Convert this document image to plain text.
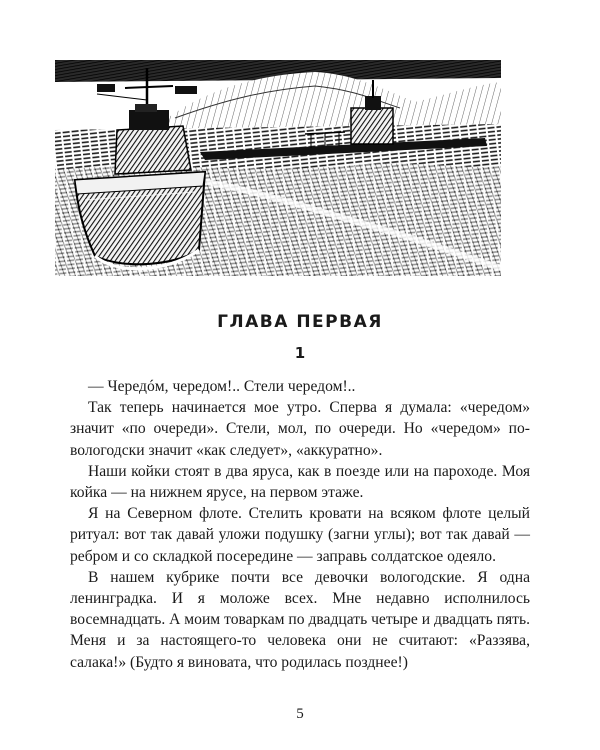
ГЛАВА ПЕРВАЯ
1

— Чередóм, чередом!.. Стели чередом!..

Так теперь начинается мое утро. Сперва я думала: «чередом» значит «по очереди». Стели, мол, по очереди. Но «чередом» по-вологодски значит «как следует», «аккуратно».

Наши койки стоят в два яруса, как в поезде или на пароходе. Моя койка — на нижнем ярусе, на первом этаже.

Я на Северном флоте. Стелить кровати на всяком флоте целый ритуал: вот так давай уложи подушку (загни углы); вот так давай — ребром и со складкой посередине — заправь солдатское одеяло.

В нашем кубрике почти все девочки вологодские. Я одна ленинградка. И я моложе всех. Мне недавно исполнилось восемнадцать. А моим товаркам по двадцать четыре и двадцать пять. Меня и за настоящего-то человека они не считают: «Раззява, салака!» (Будто я виновата, что родилась позднее!)

5
